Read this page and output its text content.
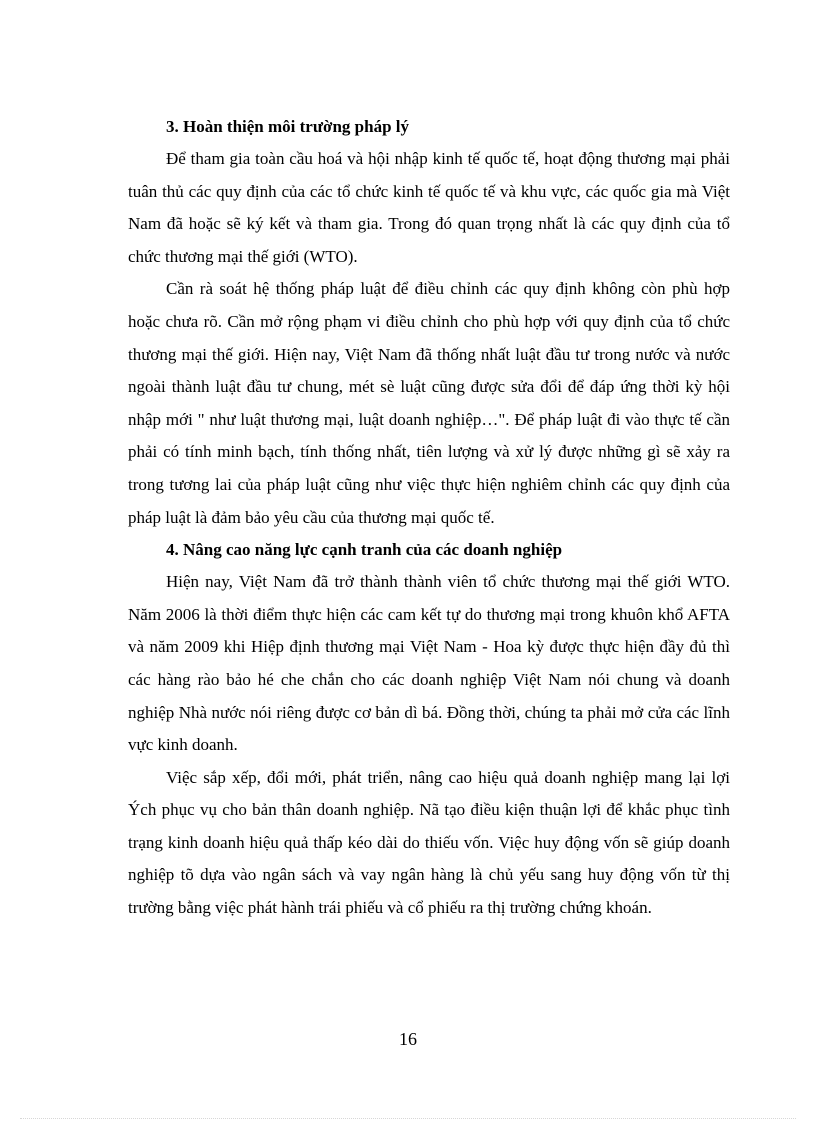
3. Hoàn thiện môi trường pháp lý

Để tham gia toàn cầu hoá và hội nhập kinh tế quốc tế, hoạt động thương mại phải tuân thủ các quy định của các tổ chức kinh tế quốc tế và khu vực, các quốc gia mà Việt Nam đã hoặc sẽ ký kết và tham gia. Trong đó quan trọng nhất là các quy định của tổ chức thương mại thế giới (WTO).

Cần rà soát hệ thống pháp luật để điều chỉnh các quy định không còn phù hợp hoặc chưa rõ. Cần mở rộng phạm vi điều chỉnh cho phù hợp với quy định của tổ chức thương mại thế giới. Hiện nay, Việt Nam đã thống nhất luật đầu tư trong nước và nước ngoài thành luật đầu tư chung, mét sè luật cũng được sửa đổi để đáp ứng thời kỳ hội nhập mới " như luật thương mại, luật doanh nghiệp…". Để pháp luật đi vào thực tế cần phải có tính minh bạch, tính thống nhất, tiên lượng và xử lý được những gì sẽ xảy ra trong tương lai của pháp luật cũng như việc thực hiện nghiêm chỉnh các quy định của pháp luật là đảm bảo yêu cầu của thương mại quốc tế.

4. Nâng cao năng lực cạnh tranh của các doanh nghiệp

Hiện nay, Việt Nam đã trở thành thành viên tổ chức thương mại thế giới WTO. Năm 2006 là thời điểm thực hiện các cam kết tự do thương mại trong khuôn khổ AFTA và năm 2009 khi Hiệp định thương mại Việt Nam - Hoa kỳ được thực hiện đầy đủ thì các hàng rào bảo hé che chắn cho các doanh nghiệp Việt Nam nói chung và doanh nghiệp Nhà nước nói riêng được cơ bản dì bá. Đồng thời, chúng ta phải mở cửa các lĩnh vực kinh doanh.

Việc sắp xếp, đổi mới, phát triển, nâng cao hiệu quả doanh nghiệp mang lại lợi Ých phục vụ cho bản thân doanh nghiệp. Nã tạo điều kiện thuận lợi để khắc phục tình trạng kinh doanh hiệu quả thấp kéo dài do thiếu vốn. Việc huy động vốn sẽ giúp doanh nghiệp tõ dựa vào ngân sách và vay ngân hàng là chủ yếu sang huy động vốn từ thị trường bằng việc phát hành trái phiếu và cổ phiếu ra thị trường chứng khoán.

16
